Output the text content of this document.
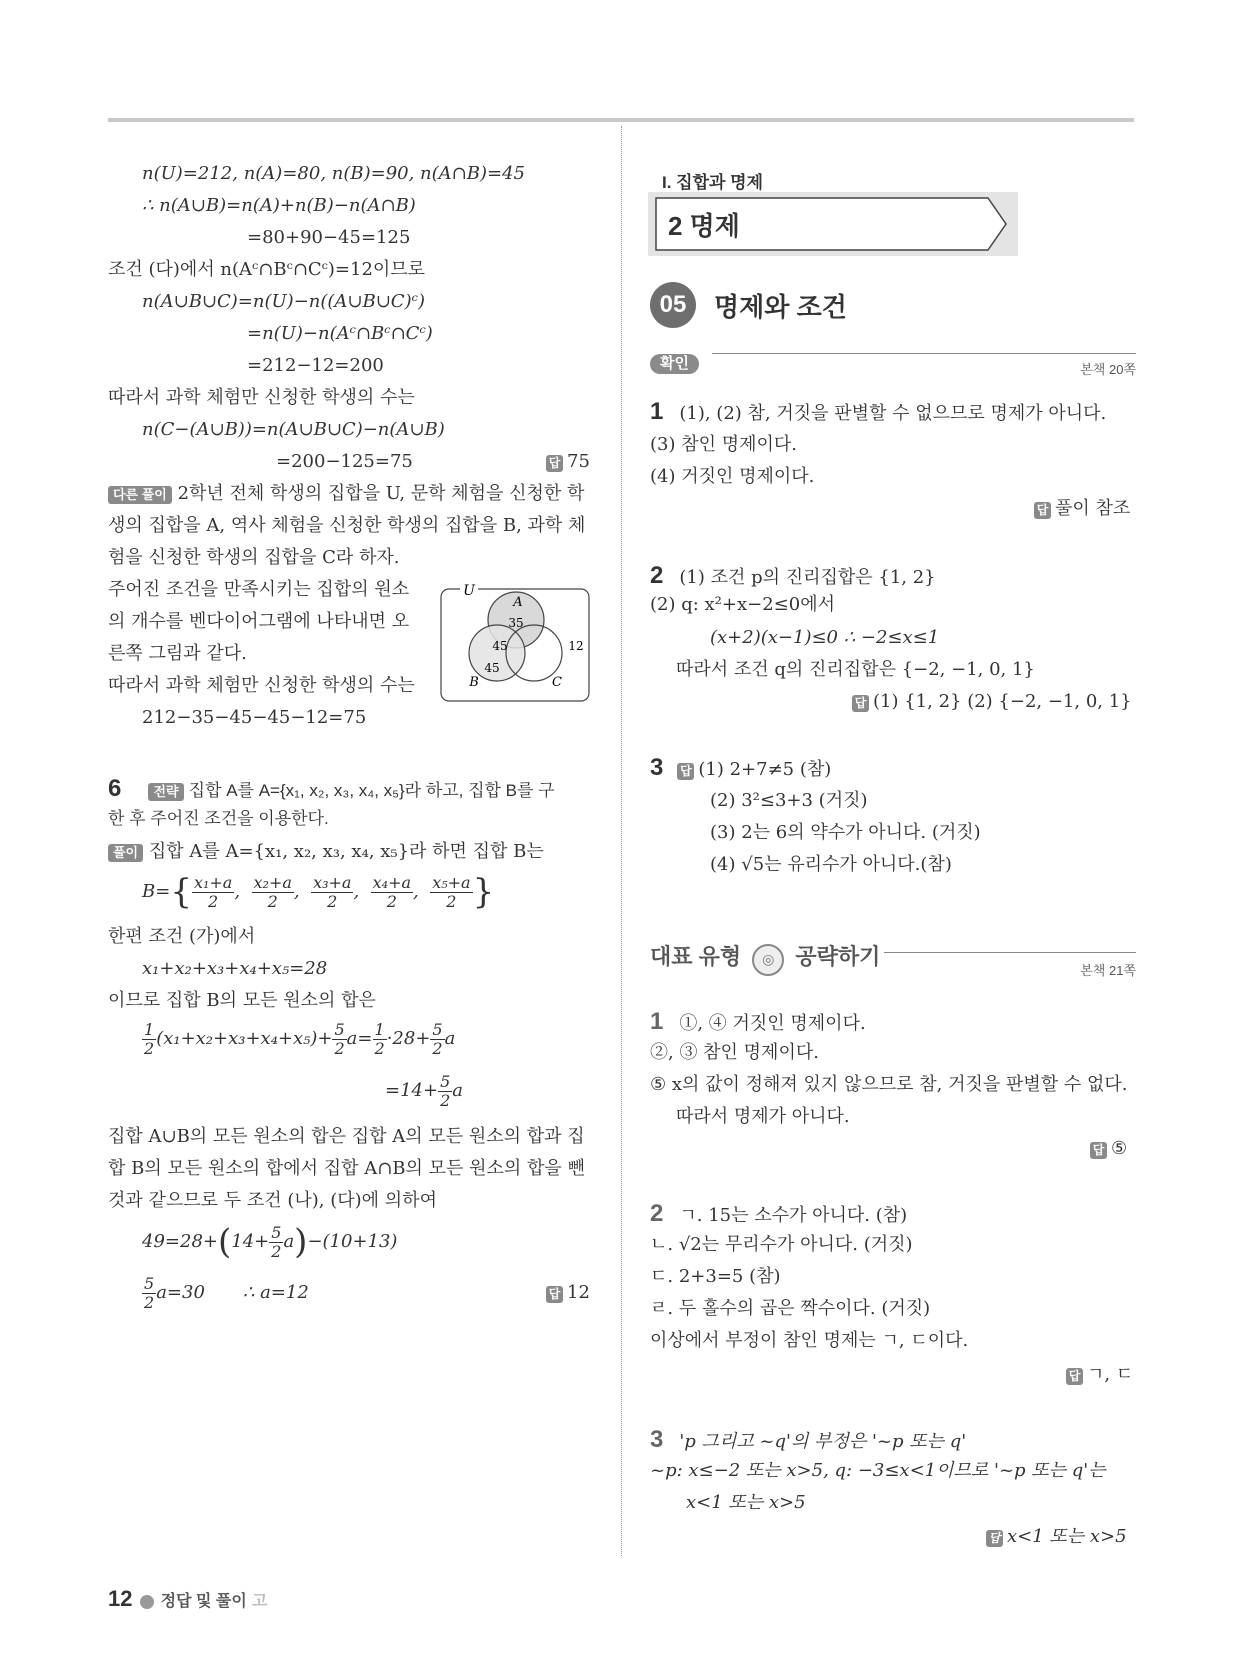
n(U)=212, n(A)=80, n(B)=90, n(A∩B)=45
∴ n(A∪B)=n(A)+n(B)−n(A∩B)
=80+90−45=125
조건 (다)에서 n(Aᶜ∩Bᶜ∩Cᶜ)=12이므로
n(A∪B∪C)=n(U)−n((A∪B∪C)ᶜ)
=n(U)−n(Aᶜ∩Bᶜ∩Cᶜ)
=212−12=200
따라서 과학 체험만 신청한 학생의 수는
n(C−(A∪B))=n(A∪B∪C)−n(A∪B)
=200−125=75	답 75
다른 풀이 2학년 전체 학생의 집합을 U, 문학 체험을 신청한 학
생의 집합을 A, 역사 체험을 신청한 학생의 집합을 B, 과학 체
험을 신청한 학생의 집합을 C라 하자.
주어진 조건을 만족시키는 집합의 원소
의 개수를 벤다이어그램에 나타내면 오
른쪽 그림과 같다.
따라서 과학 체험만 신청한 학생의 수는
212−35−45−45−12=75
U
A
35
45
45
12
B	C
6 전략 집합 A를 A={x₁, x₂, x₃, x₄, x₅}라 하고, 집합 B를 구
한 후 주어진 조건을 이용한다.
풀이 집합 A를 A={x₁, x₂, x₃, x₄, x₅}라 하면 집합 B는
B= { $\frac{\text{x₁+a}}{2}$ , $\frac{\text{x₂+a}}{2}$ , $\frac{\text{x₃+a}}{2}$ , $\frac{\text{x₄+a}}{2}$ , $\frac{\text{x₅+a}}{2}$ }
한편 조건 (가)에서
x₁+x₂+x₃+x₄+x₅=28
이므로 집합 B의 모든 원소의 합은
$\frac{1}{2} (x_1+x_2+x_3+x_4+x_5)+ \frac{5}{2} a= \frac{1}{2} \cdot 28+ \frac{5}{2}$ a
$=14+ \frac{5}{2}$ a
집합 A∪B의 모든 원소의 합은 집합 A의 모든 원소의 합과 집
합 B의 모든 원소의 합에서 집합 A∩B의 모든 원소의 합을 뺀
것과 같으므로 두 조건 (나), (다)에 의하여
49=28+ ( $14+ \frac{5}{2}$ a ) −(10+13)
$\frac{5}{2} a=30$ ∴ a=12	답 12
I. 집합과 명제
2 명제
05	명제와 조건
확인	본책 20쪽
1 (1), (2) 참, 거짓을 판별할 수 없으므로 명제가 아니다.
(3) 참인 명제이다.
(4) 거짓인 명제이다.
답 풀이 참조
2 (1) 조건 p의 진리집합은 {1, 2}
(2) q: x²+x−2≤0에서
(x+2)(x−1)≤0 ∴ −2≤x≤1
따라서 조건 q의 진리집합은 {−2, −1, 0, 1}
답 (1) {1, 2} (2) {−2, −1, 0, 1}
3 답 (1) 2+7≠5 (참)
(2) 3²≤3+3 (거짓)
(3) 2는 6의 약수가 아니다. (거짓)
(4) √5는 유리수가 아니다.(참)
대표 유형 ◎ 공략하기
본책 21쪽
1 ①, ④ 거짓인 명제이다.
②, ③ 참인 명제이다.
⑤ x의 값이 정해져 있지 않으므로 참, 거짓을 판별할 수 없다.
따라서 명제가 아니다.
답 ⑤
2 ㄱ. 15는 소수가 아니다. (참)
ㄴ. √2는 무리수가 아니다. (거짓)
ㄷ. 2+3=5 (참)
ㄹ. 두 홀수의 곱은 짝수이다. (거짓)
이상에서 부정이 참인 명제는 ㄱ, ㄷ이다.
답 ㄱ, ㄷ
3 'p 그리고 ~q'의 부정은 '~p 또는 q'
~p: x≤−2 또는 x>5, q: −3≤x<1이므로 '~p 또는 q'는
x<1 또는 x>5
답 x<1 또는 x>5
12 정답 및 풀이 고
